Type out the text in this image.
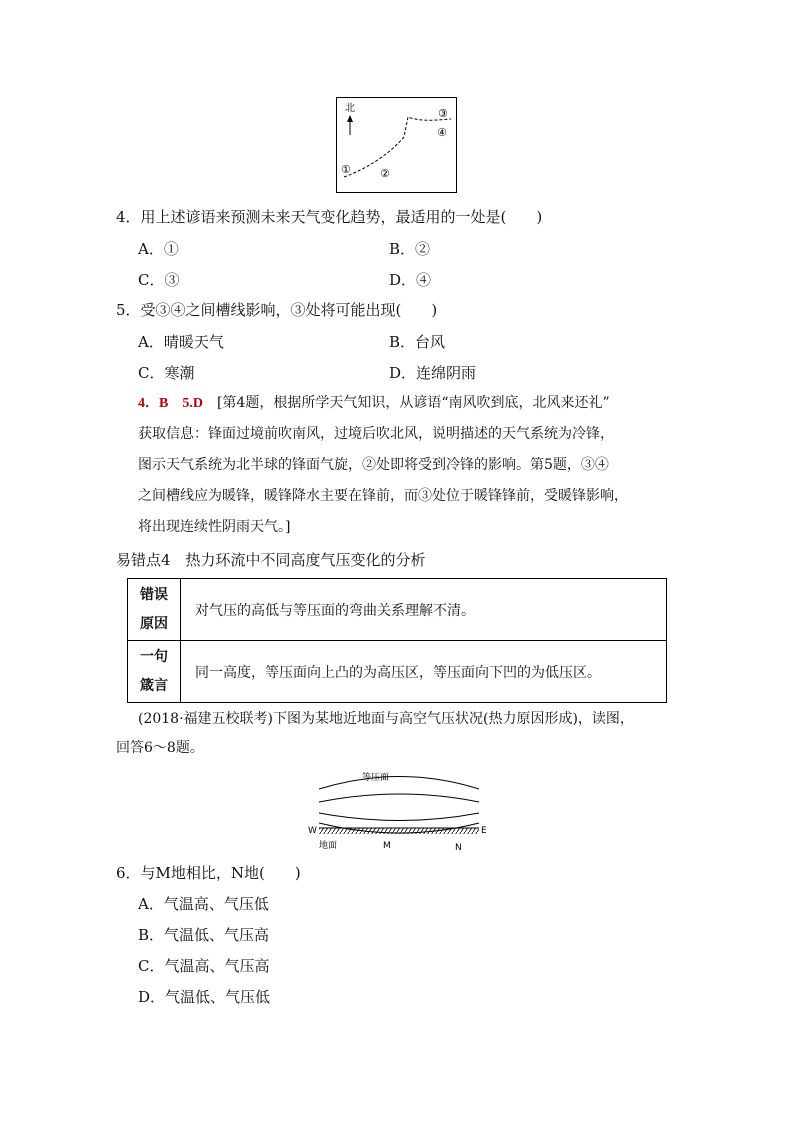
北
①	②
③
④
4．用上述谚语来预测未来天气变化趋势，最适用的一处是(　　)
A．①	B．②
C．③	D．④
5．受③④之间槽线影响，③处将可能出现(　　)
A．晴暖天气	B．台风
C．寒潮	D．连绵阴雨
4．B　5.D　 [第4题，根据所学天气知识，从谚语“南风吹到底，北风来还礼”
获取信息：锋面过境前吹南风，过境后吹北风，说明描述的天气系统为冷锋，
图示天气系统为北半球的锋面气旋，②处即将受到冷锋的影响。第5题，③④
之间槽线应为暖锋，暖锋降水主要在锋前，而③处位于暖锋锋前，受暖锋影响，
将出现连续性阴雨天气。]
易错点4　热力环流中不同高度气压变化的分析
错误
原因	对气压的高低与等压面的弯曲关系理解不清。

一句
箴言	同一高度，等压面向上凸的为高压区，等压面向下凹的为低压区。
(2018·福建五校联考)下图为某地近地面与高空气压状况(热力原因形成)，读图，
回答6～8题。
等压面
W	E
地面	M	N
6．与M地相比，N地(　　)
A．气温高、气压低
B．气温低、气压高
C．气温高、气压高
D．气温低、气压低
